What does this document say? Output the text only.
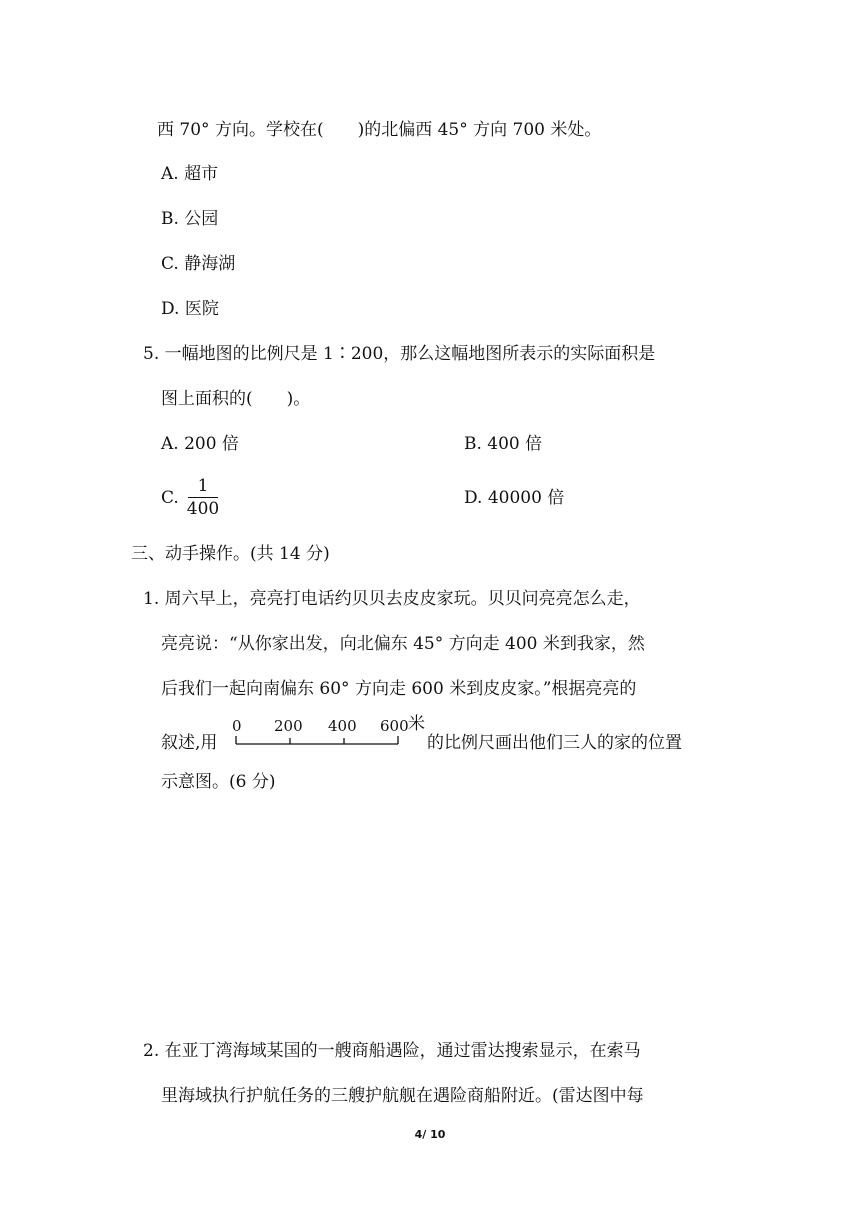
西 70° 方向。学校在(　　)的北偏西 45° 方向 700 米处。
A. 超市
B. 公园
C. 静海湖
D. 医院
5. 一幅地图的比例尺是 1∶200，那么这幅地图所表示的实际面积是
图上面积的(　　)。
A. 200 倍	B. 400 倍
C.
1
400
D. 40000 倍
三、动手操作。(共 14 分)
1. 周六早上，亮亮打电话约贝贝去皮皮家玩。贝贝问亮亮怎么走，
亮亮说：“从你家出发，向北偏东 45° 方向走 400 米到我家，然
后我们一起向南偏东 60° 方向走 600 米到皮皮家。”根据亮亮的
叙述,用
0 200 400 600 米
的比例尺画出他们三人的家的位置
示意图。(6 分)
2. 在亚丁湾海域某国的一艘商船遇险，通过雷达搜索显示，在索马
里海域执行护航任务的三艘护航舰在遇险商船附近。(雷达图中每
4/ 10
